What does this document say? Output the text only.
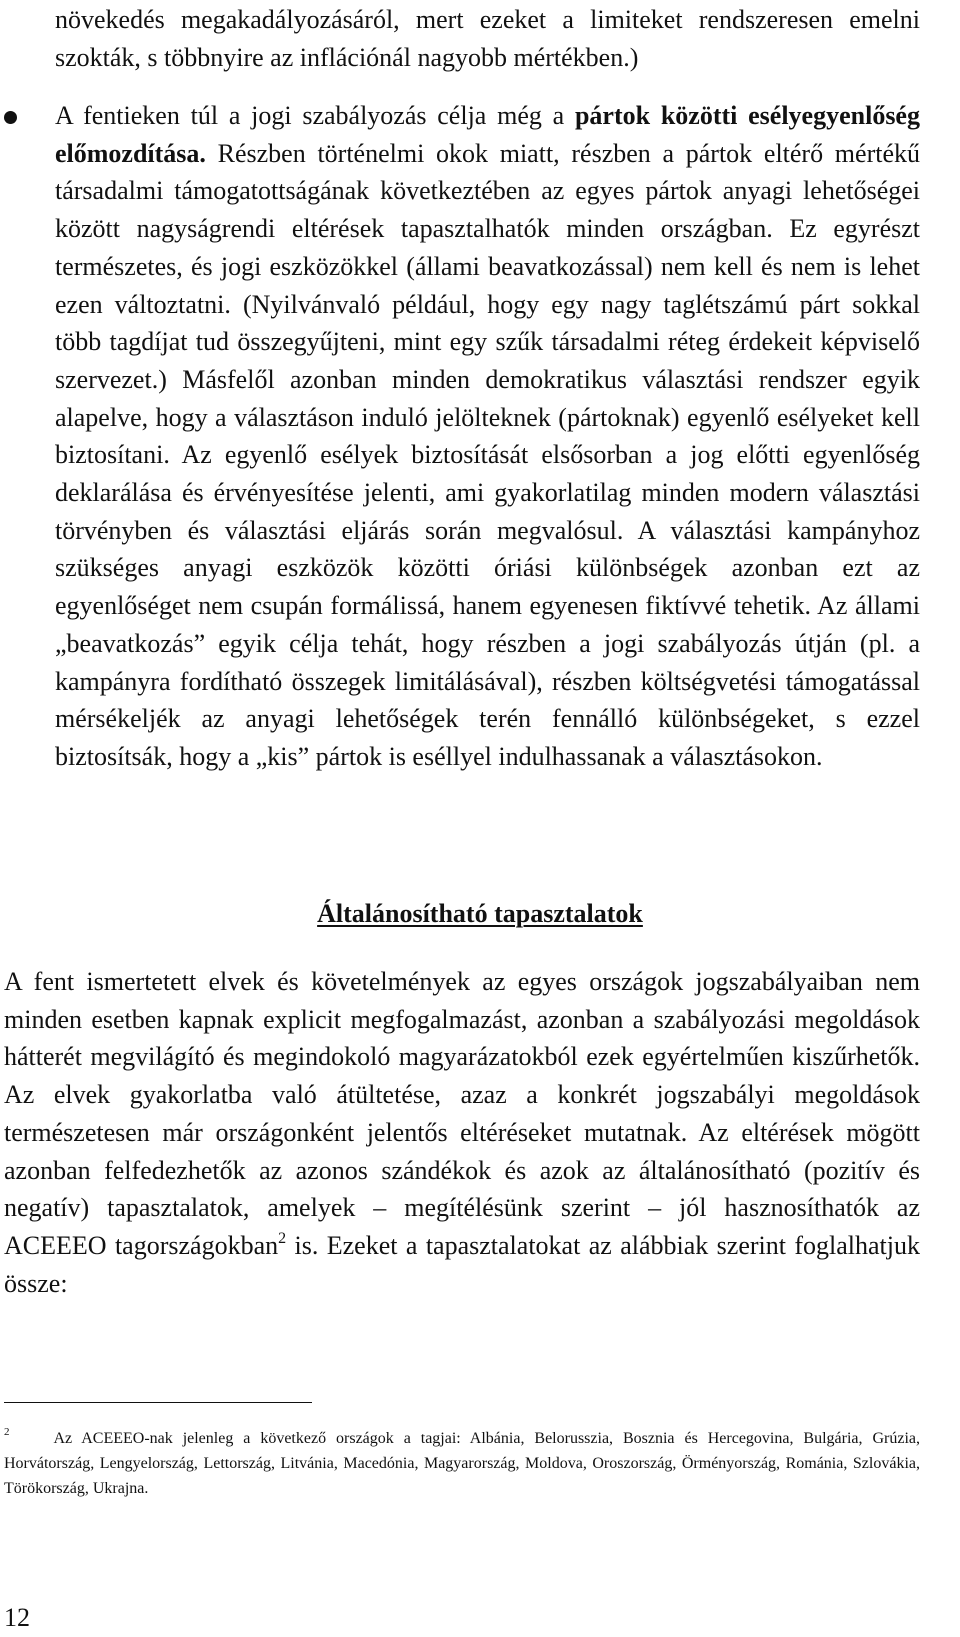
növekedés megakadályozásáról, mert ezeket a limiteket rendszeresen emelni szokták, s többnyire az inflációnál nagyobb mértékben.)
A fentieken túl a jogi szabályozás célja még a pártok közötti esélyegyenlőség előmozdítása. Részben történelmi okok miatt, részben a pártok eltérő mértékű társadalmi támogatottságának következtében az egyes pártok anyagi lehetőségei között nagyságrendi eltérések tapasztalhatók minden országban. Ez egyrészt természetes, és jogi eszközökkel (állami beavatkozással) nem kell és nem is lehet ezen változtatni. (Nyilvánvaló például, hogy egy nagy taglétszámú párt sokkal több tagdíjat tud összegyűjteni, mint egy szűk társadalmi réteg érdekeit képviselő szervezet.) Másfelől azonban minden demokratikus választási rendszer egyik alapelve, hogy a választáson induló jelölteknek (pártoknak) egyenlő esélyeket kell biztosítani. Az egyenlő esélyek biztosítását elsősorban a jog előtti egyenlőség deklarálása és érvényesítése jelenti, ami gyakorlatilag minden modern választási törvényben és választási eljárás során megvalósul. A választási kampányhoz szükséges anyagi eszközök közötti óriási különbségek azonban ezt az egyenlőséget nem csupán formálissá, hanem egyenesen fiktívvé tehetik. Az állami „beavatkozás” egyik célja tehát, hogy részben a jogi szabályozás útján (pl. a kampányra fordítható összegek limitálásával), részben költségvetési támogatással mérsékeljék az anyagi lehetőségek terén fennálló különbségeket, s ezzel biztosítsák, hogy a „kis” pártok is eséllyel indulhassanak a választásokon.
Általánosítható tapasztalatok
A fent ismertetett elvek és követelmények az egyes országok jogszabályaiban nem minden esetben kapnak explicit megfogalmazást, azonban a szabályozási megoldások hátterét megvilágító és megindokoló magyarázatokból ezek egyértelműen kiszűrhetők. Az elvek gyakorlatba való átültetése, azaz a konkrét jogszabályi megoldások természetesen már országonként jelentős eltéréseket mutatnak. Az eltérések mögött azonban felfedezhetők az azonos szándékok és azok az általánosítható (pozitív és negatív) tapasztalatok, amelyek – megítélésünk szerint – jól hasznosíthatók az ACEEEO tagországokban$^2$ is. Ezeket a tapasztalatokat az alábbiak szerint foglalhatjuk össze:
$^2$	Az ACEEEO-nak jelenleg a következő országok a tagjai: Albánia, Belorusszia, Bosznia és Hercegovina, Bulgária, Grúzia, Horvátország, Lengyelország, Lettország, Litvánia, Macedónia, Magyarország, Moldova, Oroszország, Örményország, Románia, Szlovákia, Törökország, Ukrajna.
12
